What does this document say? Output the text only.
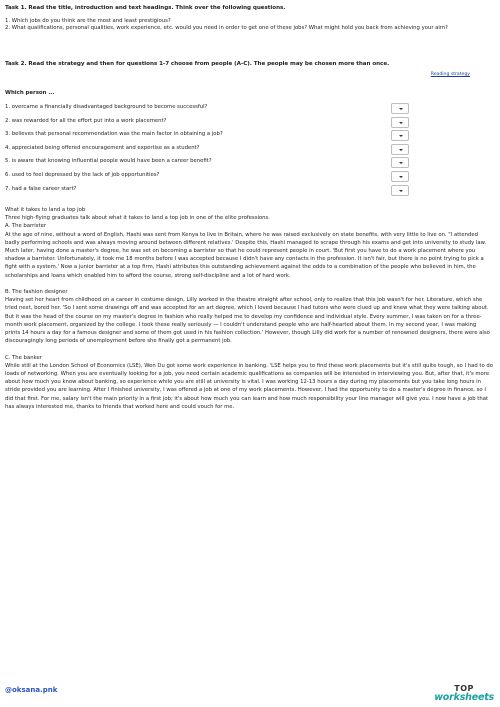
Task 1. Read the title, introduction and text headings. Think over the following questions.
1. Which jobs do you think are the most and least prestigious?
2. What qualifications, personal qualities, work experience, etc. would you need in order to get one of these jobs? What might hold you back from achieving your aim?
Task 2. Read the strategy and then for questions 1-7 choose from people (A-C). The people may be chosen more than once.
Reading strategy
Which person ...
1. overcame a financially disadvantaged background to become successful?
2. was rewarded for all the effort put into a work placement?
3. believes that personal recommendation was the main factor in obtaining a job?
4. appreciated being offered encouragement and expertise as a student?
5. is aware that knowing influential people would have been a career benefit?
6. used to feel depressed by the lack of job opportunities?
7. had a false career start?

What it takes to land a top job

Three high-flying graduates talk about what it takes to land a top job in one of the elite professions.

A. The barrister

At the age of nine, without a word of English, Hashi was sent from Kenya to live in Britain, where he was raised exclusively on state benefits, with very little to live on. "I attended badly performing schools and was always moving around between different relatives.' Despite this, Hashi managed to scrape through his exams and get into university to study law. Much later, having done a master's degree, he was set on becoming a barrister so that he could represent people in court. 'But first you have to do a work placement where you shadow a barrister. Unfortunately, it took me 18 months before I was accepted because I didn't have any contacts in the profession. It isn't fair, but there is no point trying to pick a fight with a system.' Now a junior barrister at a top firm, Hashi attributes this outstanding achievement against the odds to a combination of the people who believed in him, the scholarships and loans which enabled him to afford the course, strong self-discipline and a lot of hard work.

B. The fashion designer

Having set her heart from childhood on a career in costume design, Lilly worked in the theatre straight after school, only to realize that this job wasn't for her. Literature, which she tried next, bored her. 'So I sent some drawings off and was accepted for an art degree, which I loved because I had tutors who were clued up and knew what they were talking about. But it was the head of the course on my master's degree in fashion who really helped me to develop my confidence and individual style. Every summer, I was taken on for a three-month work placement, organized by the college. I took these really seriously — I couldn't understand people who are half-hearted about them. In my second year, I was making prints 14 hours a day for a famous designer and some of them got used in his fashion collection.' However, though Lilly did work for a number of renowned designers, there were also discouragingly long periods of unemployment before she finally got a permanent job.

C. The banker

While still at the London School of Economics (LSE), Wen Du got some work experience in banking. 'LSE helps you to find these work placements but it's still quite tough, so I had to do loads of networking. When you are eventually looking for a job, you need certain academic qualifications as companies will be interested in interviewing you. But, after that, it's more about how much you know about banking, so experience while you are still at university is vital. I was working 12-13 hours a day during my placements but you take long hours in stride provided you are learning. After I finished university, I was offered a job at one of my work placements. However, I had the opportunity to do a master's degree in finance, so I did that first. For me, salary isn't the main priority in a first job; it's about how much you can learn and how much responsibility your line manager will give you. I now have a job that has always interested me, thanks to friends that worked here and could vouch for me.

@oksana.pnk	TOP
worksheets
